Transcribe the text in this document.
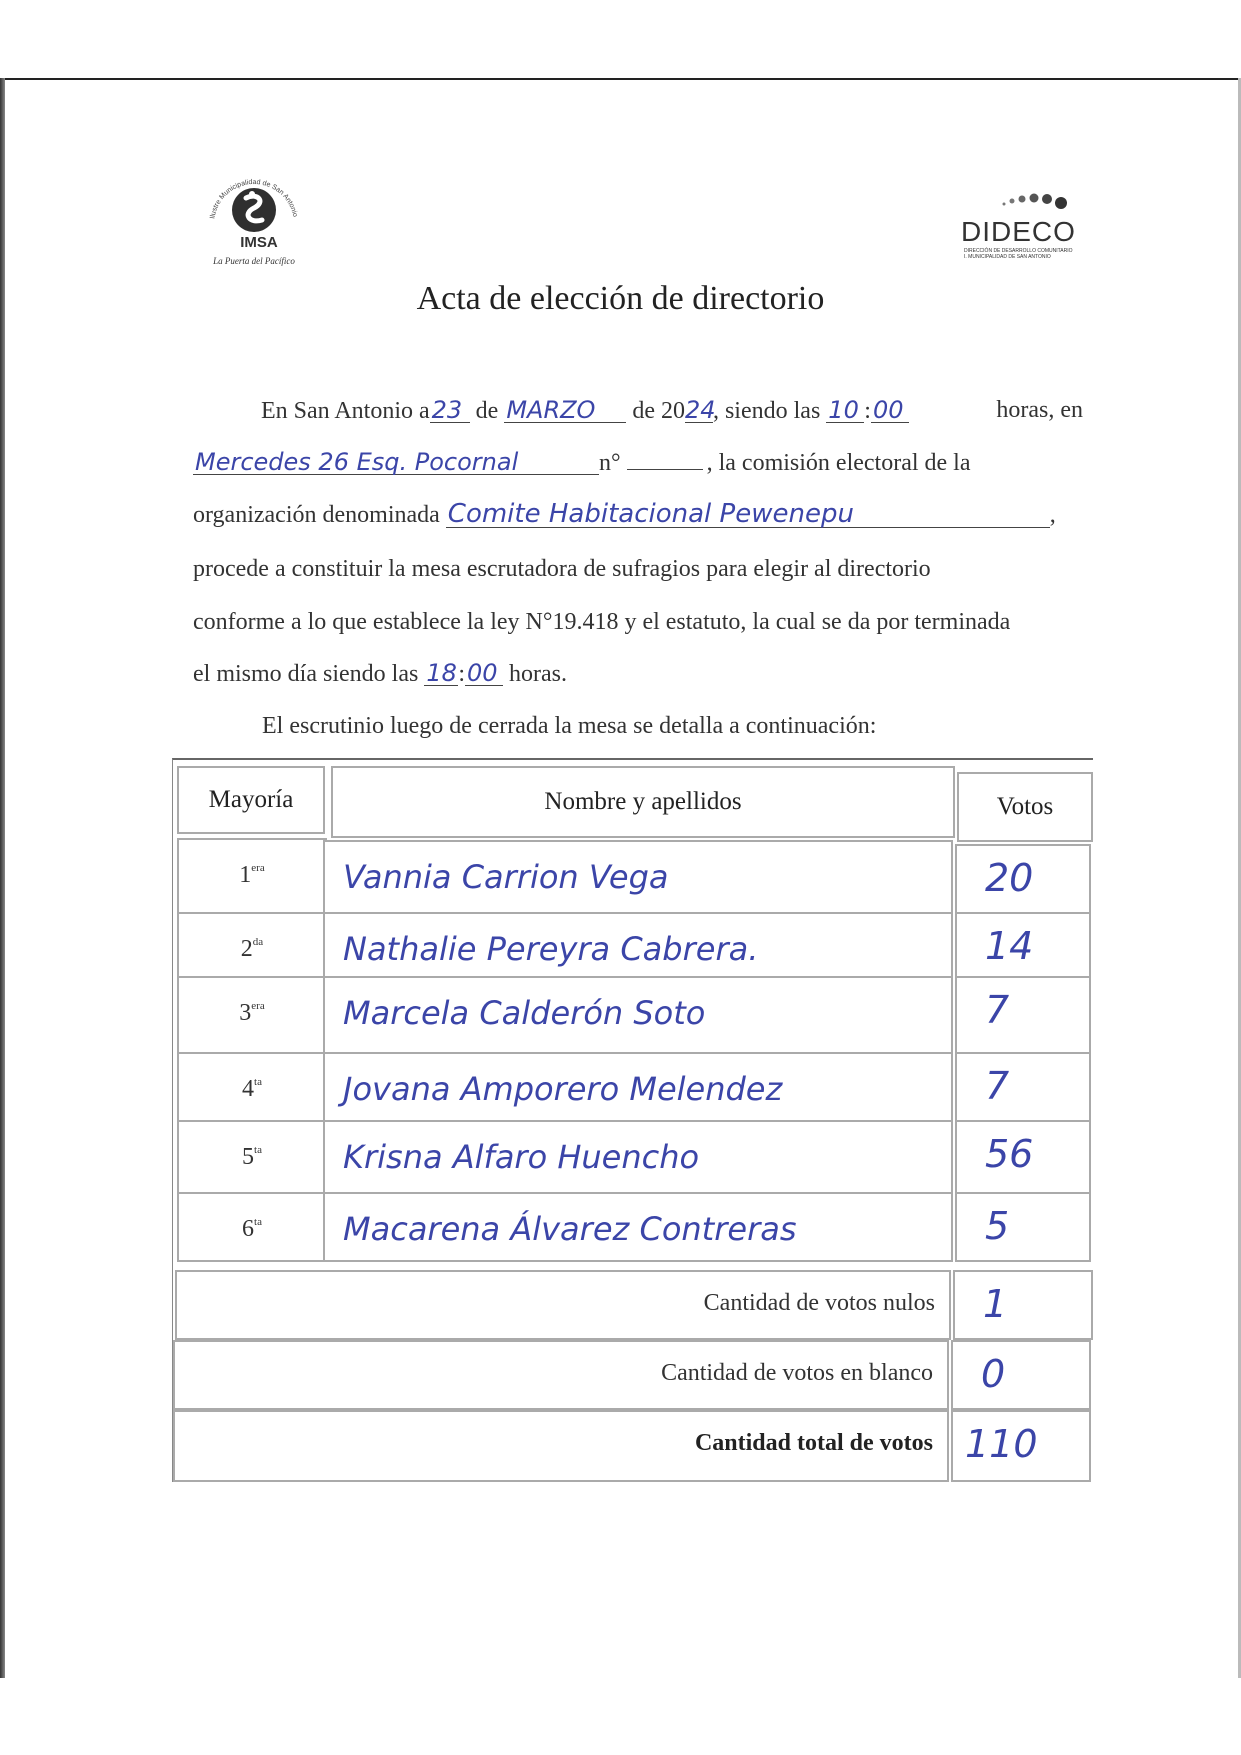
Ilustre Municipalidad de San Antonio
IMSA
La Puerta del Pacífico
DIDECO
DIRECCIÓN DE DESARROLLO COMUNITARIO
I. MUNICIPALIDAD DE SAN ANTONIO
Acta de elección de directorio
En San Antonio a23 de MARZO de 2024, siendo las 10 :00	horas, en
Mercedes 26 Esq. Pocornal	n°	, la comisión electoral de la
organización denominada Comite Habitacional Pewenepu	,
procede a constituir la mesa escrutadora de sufragios para elegir al directorio
conforme a lo que establece la ley N°19.418 y el estatuto, la cual se da por terminada
el mismo día siendo las 18:00 horas.
El escrutinio luego de cerrada la mesa se detalla a continuación:
Mayoría	Nombre y apellidos	Votos
$1^{era}$	Vannia Carrion Vega	20
$2^{da}$	Nathalie Pereyra Cabrera.	14
$3^{era}$	Marcela Calderón Soto	7
$4^{ta}$	Jovana Amporero Melendez	7
$5^{ta}$	Krisna Alfaro Huencho	56
$6^{ta}$	Macarena Álvarez Contreras	5
Cantidad de votos nulos	1
Cantidad de votos en blanco	0
Cantidad total de votos 110
